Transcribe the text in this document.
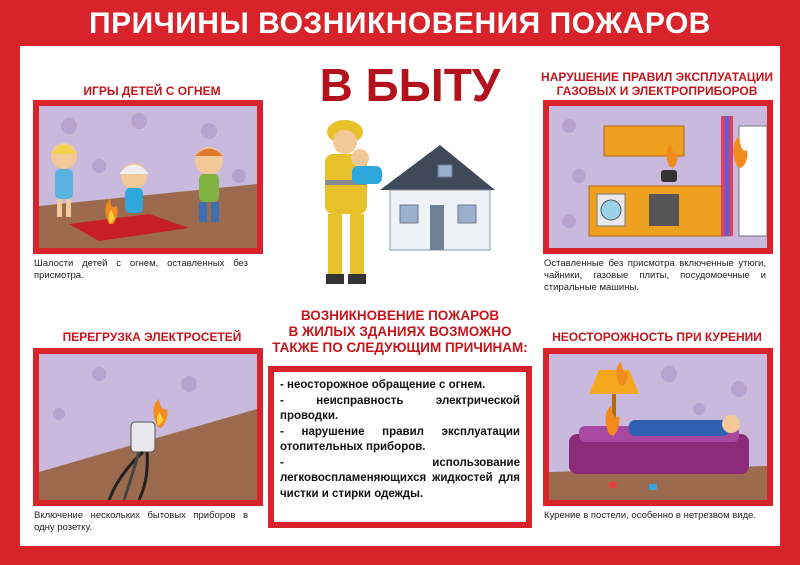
ПРИЧИНЫ ВОЗНИКНОВЕНИЯ ПОЖАРОВ
В БЫТУ
ИГРЫ ДЕТЕЙ С ОГНЕМ
Шалости детей с огнем, оставленных без присмотра.
НАРУШЕНИЕ ПРАВИЛ ЭКСПЛУАТАЦИИ
ГАЗОВЫХ И ЭЛЕКТРОПРИБОРОВ
Оставленные без присмотра включенные утюги, чайники, газовые плиты, посудомоечные и стиральные машины.
ПЕРЕГРУЗКА ЭЛЕКТРОСЕТЕЙ
Включение нескольких бытовых приборов в одну розетку.
ВОЗНИКНОВЕНИЕ ПОЖАРОВ
В ЖИЛЫХ ЗДАНИЯХ ВОЗМОЖНО
ТАКЖЕ ПО СЛЕДУЮЩИМ ПРИЧИНАМ:
- неосторожное обращение с огнем.
- неисправность электрической проводки.
- нарушение правил эксплуатации отопительных приборов.
- использование легковоспламеняющихся жидкостей для чистки и стирки одежды.
НЕОСТОРОЖНОСТЬ ПРИ КУРЕНИИ
Курение в постели, особенно в нетрезвом виде.
